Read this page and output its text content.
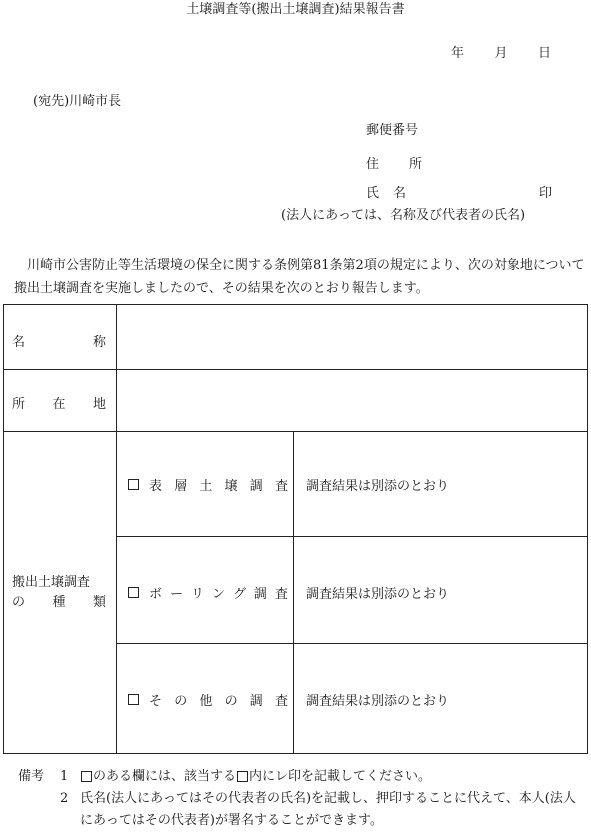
土壌調査等(搬出土壌調査)結果報告書
年 月 日
(宛先)川崎市長
郵便番号
住 所
氏 名	印
(法人にあっては、名称及び代表者の氏名)
川崎市公害防止等生活環境の保全に関する条例第81条第2項の規定により、次の対象地について搬出土壌調査を実施しましたので、その結果を次のとおり報告します。
名	称
所 在 地
搬出土壌調査
の 種 類
表 層 土 壌 調 査 調査結果は別添のとおり
ボ ー リ ン グ 調 査 調査結果は別添のとおり
そ の 他 の 調 査 調査結果は別添のとおり
備考	1	のある欄には、該当する 内にレ印を記載してください。
2 氏名(法人にあってはその代表者の氏名)を記載し、押印することに代えて、本人(法人にあってはその代表者)が署名することができます。
